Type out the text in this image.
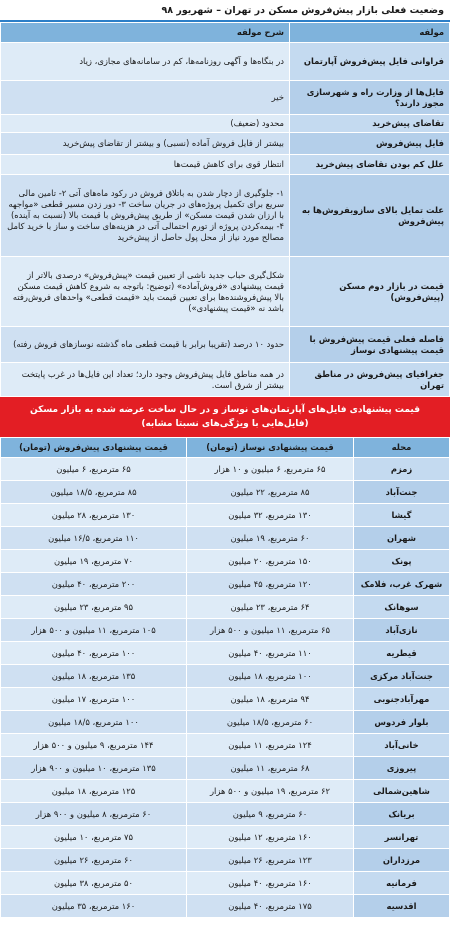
وضعیت فعلی بازار پیش‌فروش مسکن در تهران – شهریور ۹۸
مولفه	شرح مولفه
فراوانی فایل پیش‌فروش آپارتمان	در بنگاه‌ها و آگهی روزنامه‌ها، کم در سامانه‌های مجازی، زیاد
فایل‌ها از وزارت راه و شهرسازی مجوز دارند؟	خیر
تقاضای پیش‌خرید	محدود (ضعیف)
فایل پیش‌فروش	بیشتر از فایل فروش آماده (نسبی) و بیشتر از تقاضای پیش‌خرید
علل کم بودن تقاضای پیش‌خرید	انتظار قوی برای کاهش قیمت‌ها
علت تمایل بالای سازوبفروش‌ها به پیش‌فروش	۱- جلوگیری از دچار شدن به باتلاق فروش در رکود ماه‌های آتی ۲- تامین مالی سریع برای تکمیل پروژه‌های در جریان ساخت ۳- دور زدن مسیر قطعی «مواجهه با ارزان شدن قیمت مسکن» از طریق پیش‌فروش با قیمت بالا (نسبت به آینده) ۴- بیمه‌کردن پروژه از تورم احتمالی آتی در هزینه‌های ساخت و ساز با خرید کامل مصالح مورد نیاز از محل پول حاصل از پیش‌خرید
قیمت در بازار دوم مسکن (پیش‌فروش)	شکل‌گیری حباب جدید ناشی از تعیین قیمت «پیش‌فروش» درصدی بالاتر از قیمت پیشنهادی «فروش‌آماده» (توضیح: باتوجه به شروع کاهش قیمت مسکن بالا پیش‌فروشنده‌ها برای تعیین قیمت باید «قیمت قطعی» واحدهای فروش‌رفته باشد نه «قیمت پیشنهادی»)
فاصله فعلی قیمت پیش‌فروش با قیمت پیشنهادی نوساز	حدود ۱۰ درصد (تقریبا برابر با قیمت قطعی ماه گذشته نوسازهای فروش رفته)
جغرافیای پیش‌فروش در مناطق تهران	در همه مناطق فایل پیش‌فروش وجود دارد؛ تعداد این فایل‌ها در غرب پایتخت بیشتر از شرق است.
قیمت پیشنهادی فایل‌های آپارتمان‌های نوساز و در حال ساخت عرضه شده به بازار مسکن
(فایل‌هایی با ویژگی‌های نسبتا مشابه)
محله	قیمت پیشنهادی نوساز (تومان)	قیمت پیشنهادی پیش‌فروش (تومان)
زمزم	۶۵ مترمربع، ۶ میلیون و ۱۰ هزار	۶۵ مترمربع، ۶ میلیون
جنت‌آباد	۸۵ مترمربع، ۲۲ میلیون	۸۵ مترمربع، ۱۸/۵ میلیون
گیشا	۱۳۰ مترمربع، ۳۲ میلیون	۱۳۰ مترمربع، ۲۸ میلیون
شهران	۶۰ مترمربع، ۱۹ میلیون	۱۱۰ مترمربع، ۱۶/۵ میلیون
پونک	۱۵۰ مترمربع، ۲۰ میلیون	۷۰ مترمربع، ۱۹ میلیون
شهرک غرب، فلامک	۱۲۰ مترمربع، ۴۵ میلیون	۲۰۰ مترمربع، ۴۰ میلیون
سوهانک	۶۴ مترمربع، ۲۳ میلیون	۹۵ مترمربع، ۲۳ میلیون
نازی‌آباد	۶۵ مترمربع، ۱۱ میلیون و ۵۰۰ هزار	۱۰۵ مترمربع، ۱۱ میلیون و ۵۰۰ هزار
قیطریه	۱۱۰ مترمربع، ۴۰ میلیون	۱۰۰ مترمربع، ۴۰ میلیون
جنت‌آباد مرکزی	۱۰۰ مترمربع، ۱۸ میلیون	۱۳۵ مترمربع، ۱۸ میلیون
مهرآبادجنوبی	۹۴ مترمربع، ۱۸ میلیون	۱۰۰ مترمربع، ۱۷ میلیون
بلوار فردوس	۶۰ مترمربع، ۱۸/۵ میلیون	۱۰۰ مترمربع، ۱۸/۵ میلیون
خانی‌آباد	۱۲۴ مترمربع، ۱۱ میلیون	۱۴۴ مترمربع، ۹ میلیون و ۵۰۰ هزار
پیروزی	۶۸ مترمربع، ۱۱ میلیون	۱۳۵ مترمربع، ۱۰ میلیون و ۹۰۰ هزار
شاهین‌شمالی	۶۲ مترمربع، ۱۹ میلیون و ۵۰۰ هزار	۱۲۵ مترمربع، ۱۸ میلیون
بریانک	۶۰ مترمربع، ۹ میلیون	۶۰ مترمربع، ۸ میلیون و ۹۰۰ هزار
تهرانسر	۱۶۰ مترمربع، ۱۲ میلیون	۷۵ مترمربع، ۱۰ میلیون
مرزداران	۱۲۳ مترمربع، ۲۶ میلیون	۶۰ مترمربع، ۲۶ میلیون
فرمانیه	۱۶۰ مترمربع، ۴۰ میلیون	۵۰ مترمربع، ۳۸ میلیون
اقدسیه	۱۷۵ مترمربع، ۴۰ میلیون	۱۶۰ مترمربع، ۳۵ میلیون
